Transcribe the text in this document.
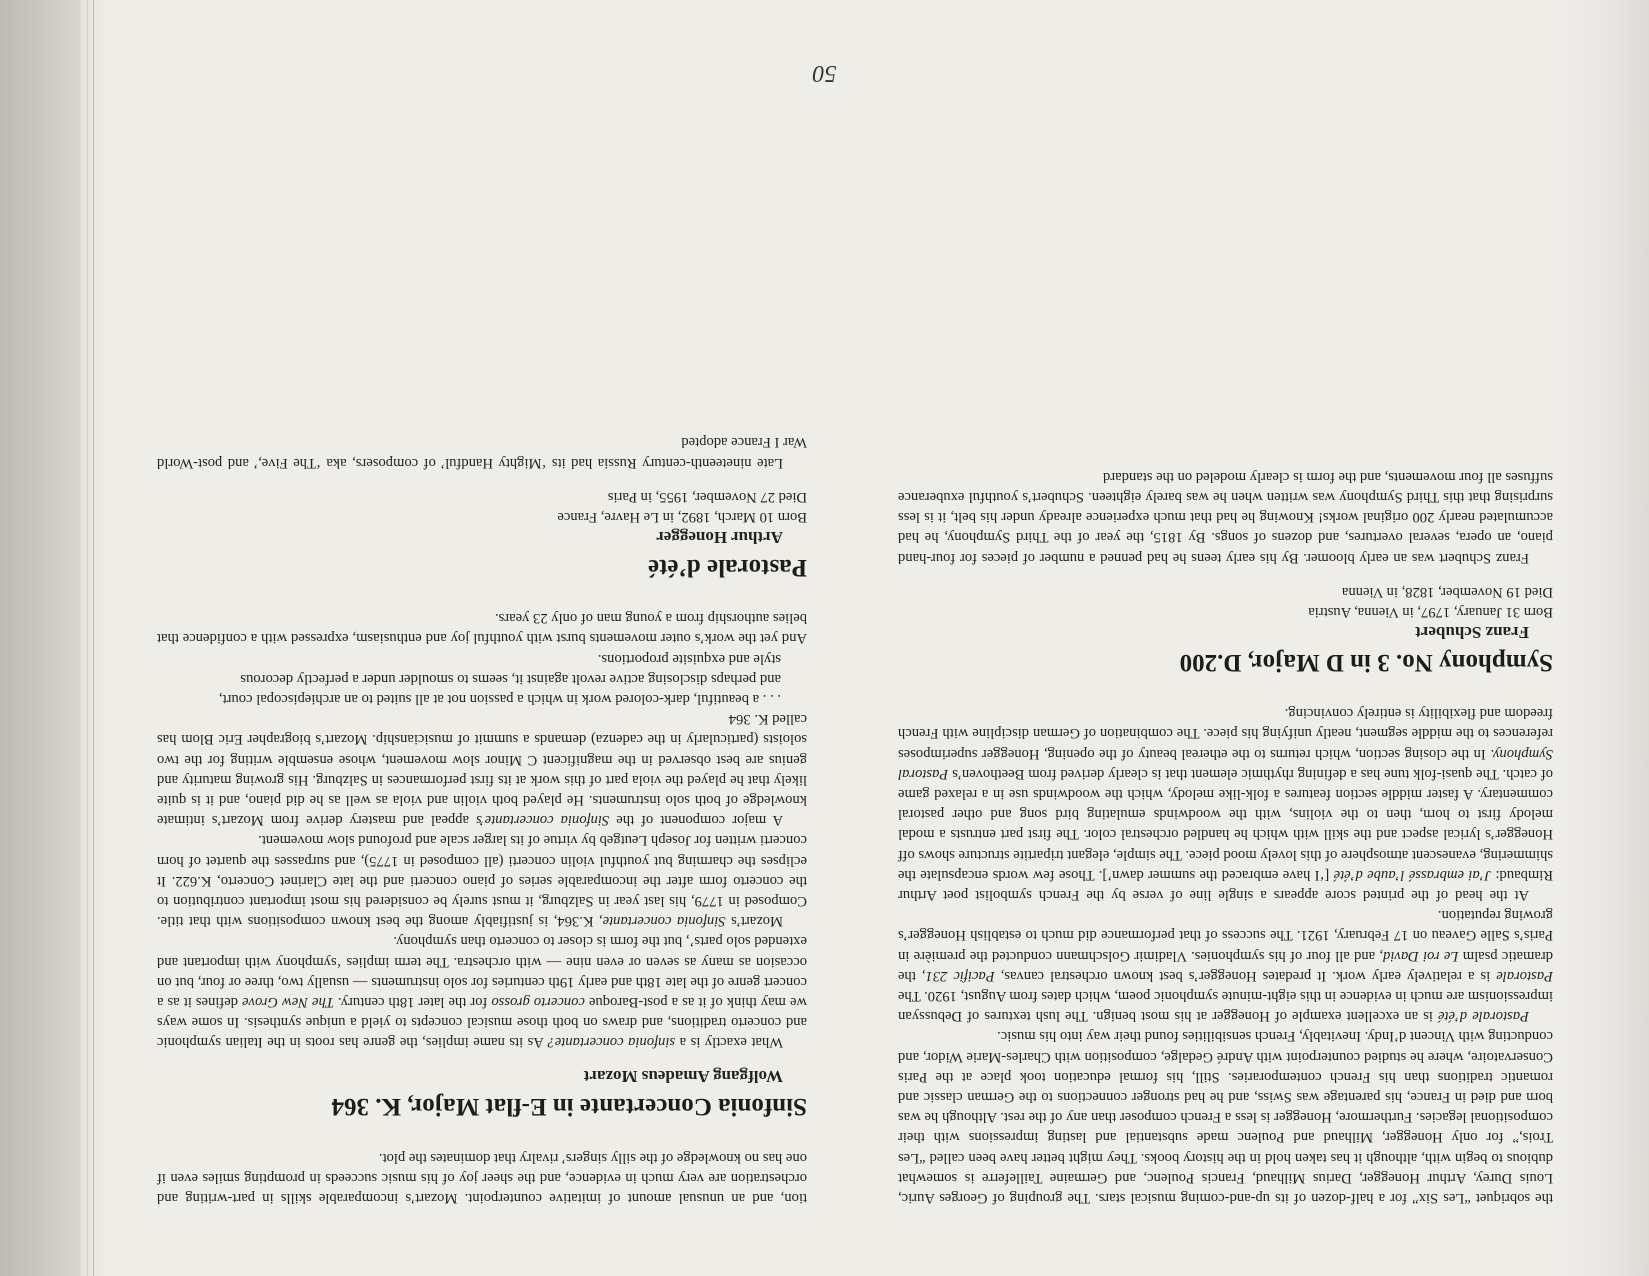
the sobriquet “Les Six” for a half-dozen of its up-and-coming musical stars. The grouping of Georges Auric, Louis Durey, Arthur Honegger, Darius Milhaud, Francis Poulenc, and Germaine Tailleferre is somewhat dubious to begin with, although it has taken hold in the history books. They might better have been called “Les Trois,” for only Honegger, Milhaud and Poulenc made substantial and lasting impressions with their compositional legacies. Furthermore, Honegger is less a French composer than any of the rest. Although he was born and died in France, his parentage was Swiss, and he had stronger connections to the German classic and romantic traditions than his French contemporaries. Still, his formal education took place at the Paris Conservatoire, where he studied counterpoint with André Gedalge, composition with Charles-Marie Widor, and conducting with Vincent d’Indy. Inevitably, French sensibilities found their way into his music.

Pastorale d’été is an excellent example of Honegger at his most benign. The lush textures of Debussyan impressionism are much in evidence in this eight-minute symphonic poem, which dates from August, 1920. The Pastorale is a relatively early work. It predates Honegger’s best known orchestral canvas, Pacific 231, the dramatic psalm Le roi David, and all four of his symphonies. Vladimir Golschmann conducted the première in Paris’s Salle Gaveau on 17 February, 1921. The success of that performance did much to establish Honegger’s growing reputation.

At the head of the printed score appears a single line of verse by the French symbolist poet Arthur Rimbaud: J’ai embrassé l’aube d’été [‘I have embraced the summer dawn’]. Those few words encapsulate the shimmering, evanescent atmosphere of this lovely mood piece. The simple, elegant tripartite structure shows off Honegger’s lyrical aspect and the skill with which he handled orchestral color. The first part entrusts a modal melody first to horn, then to the violins, with the woodwinds emulating bird song and other pastoral commentary. A faster middle section features a folk-like melody, which the woodwinds use in a relaxed game of catch. The quasi-folk tune has a defining rhythmic element that is clearly derived from Beethoven’s Pastoral Symphony. In the closing section, which returns to the ethereal beauty of the opening, Honegger superimposes references to the middle segment, neatly unifying his piece. The combination of German discipline with French freedom and flexibility is entirely convincing.

Symphony No. 3 in D Major, D.200

Franz Schubert

Born 31 January, 1797, in Vienna, Austria

Died 19 November, 1828, in Vienna

Franz Schubert was an early bloomer. By his early teens he had penned a number of pieces for four-hand piano, an opera, several overtures, and dozens of songs. By 1815, the year of the Third Symphony, he had accumulated nearly 200 original works! Knowing he had that much experience already under his belt, it is less surprising that this Third Symphony was written when he was barely eighteen. Schubert’s youthful exuberance suffuses all four movements, and the form is clearly modeled on the standard

tion, and an unusual amount of imitative counterpoint. Mozart’s incomparable skills in part-writing and orchestration are very much in evidence, and the sheer joy of his music succeeds in prompting smiles even if one has no knowledge of the silly singers’ rivalry that dominates the plot.

Sinfonia Concertante in E-flat Major, K. 364

Wolfgang Amadeus Mozart

What exactly is a sinfonia concertante? As its name implies, the genre has roots in the Italian symphonic and concerto traditions, and draws on both those musical concepts to yield a unique synthesis. In some ways we may think of it as a post-Baroque concerto grosso for the later 18th century. The New Grove defines it as a concert genre of the late 18th and early 19th centuries for solo instruments — usually two, three or four, but on occasion as many as seven or even nine — with orchestra. The term implies ‘symphony with important and extended solo parts’, but the form is closer to concerto than symphony.

Mozart’s Sinfonia concertante, K.364, is justifiably among the best known compositions with that title. Composed in 1779, his last year in Salzburg, it must surely be considered his most important contribution to the concerto form after the incomparable series of piano concerti and the late Clarinet Concerto, K.622. It eclipses the charming but youthful violin concerti (all composed in 1775), and surpasses the quartet of horn concerti written for Joseph Leutgeb by virtue of its larger scale and profound slow movement.

A major component of the Sinfonia concertante’s appeal and mastery derive from Mozart’s intimate knowledge of both solo instruments. He played both violin and viola as well as he did piano, and it is quite likely that he played the viola part of this work at its first performances in Salzburg. His growing maturity and genius are best observed in the magnificent C Minor slow movement, whose ensemble writing for the two soloists (particularly in the cadenza) demands a summit of musicianship. Mozart’s biographer Eric Blom has called K. 364

. . . a beautiful, dark-colored work in which a passion not at all suited to an archiepiscopal court, and perhaps disclosing active revolt against it, seems to smoulder under a perfectly decorous style and exquisite proportions.

And yet the work’s outer movements burst with youthful joy and enthusiasm, expressed with a confidence that belies authorship from a young man of only 23 years.

Pastorale d’été

Arthur Honegger

Born 10 March, 1892, in Le Havre, France

Died 27 November, 1955, in Paris

Late nineteenth-century Russia had its ‘Mighty Handful’ of composers, aka ‘The Five,’ and post-World War I France adopted

50
